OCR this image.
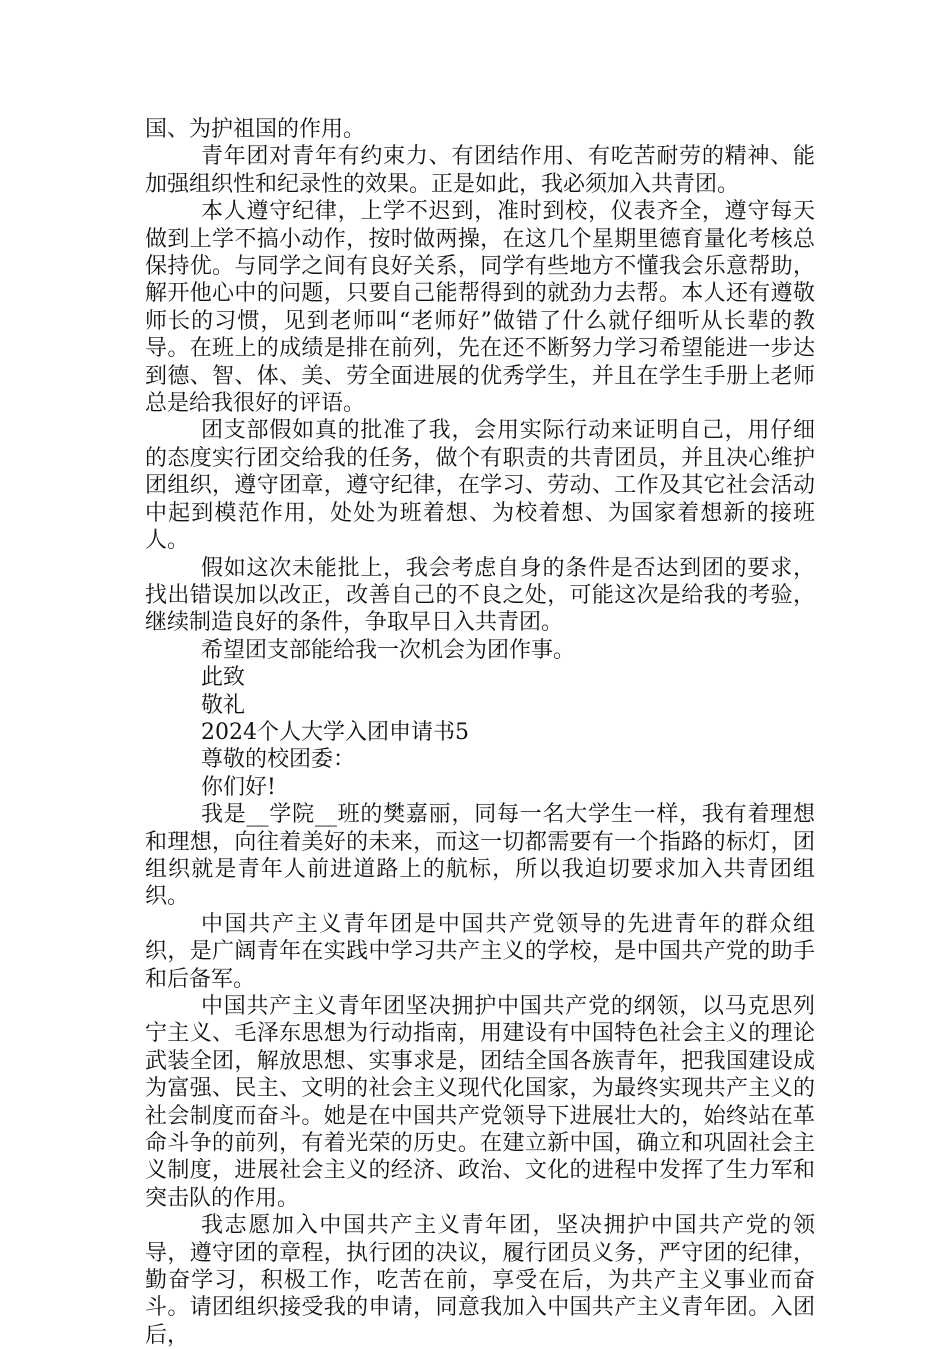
国、为护祖国的作用。

青年团对青年有约束力、有团结作用、有吃苦耐劳的精神、能加强组织性和纪录性的效果。正是如此，我必须加入共青团。

本人遵守纪律，上学不迟到，准时到校，仪表齐全，遵守每天做到上学不搞小动作，按时做两操，在这几个星期里德育量化考核总保持优。与同学之间有良好关系，同学有些地方不懂我会乐意帮助，解开他心中的问题，只要自己能帮得到的就劲力去帮。本人还有遵敬师长的习惯，见到老师叫“老师好”做错了什么就仔细听从长辈的教导。在班上的成绩是排在前列，先在还不断努力学习希望能进一步达到德、智、体、美、劳全面进展的优秀学生，并且在学生手册上老师总是给我很好的评语。

团支部假如真的批准了我，会用实际行动来证明自己，用仔细的态度实行团交给我的任务，做个有职责的共青团员，并且决心维护团组织，遵守团章，遵守纪律，在学习、劳动、工作及其它社会活动中起到模范作用，处处为班着想、为校着想、为国家着想新的接班人。

假如这次未能批上，我会考虑自身的条件是否达到团的要求，找出错误加以改正，改善自己的不良之处，可能这次是给我的考验，继续制造良好的条件，争取早日入共青团。

希望团支部能给我一次机会为团作事。

此致

敬礼

2024个人大学入团申请书5

尊敬的校团委：

你们好!

我是__学院__班的樊嘉丽，同每一名大学生一样，我有着理想和理想，向往着美好的未来，而这一切都需要有一个指路的标灯，团组织就是青年人前进道路上的航标，所以我迫切要求加入共青团组织。

中国共产主义青年团是中国共产党领导的先进青年的群众组织，是广阔青年在实践中学习共产主义的学校，是中国共产党的助手和后备军。

中国共产主义青年团坚决拥护中国共产党的纲领，以马克思列宁主义、毛泽东思想为行动指南，用建设有中国特色社会主义的理论武装全团，解放思想、实事求是，团结全国各族青年，把我国建设成为富强、民主、文明的社会主义现代化国家，为最终实现共产主义的社会制度而奋斗。她是在中国共产党领导下进展壮大的，始终站在革命斗争的前列，有着光荣的历史。在建立新中国，确立和巩固社会主义制度，进展社会主义的经济、政治、文化的进程中发挥了生力军和突击队的作用。

我志愿加入中国共产主义青年团，坚决拥护中国共产党的领导，遵守团的章程，执行团的决议，履行团员义务，严守团的纪律，勤奋学习，积极工作，吃苦在前，享受在后，为共产主义事业而奋斗。请团组织接受我的申请，同意我加入中国共产主义青年团。入团后，
